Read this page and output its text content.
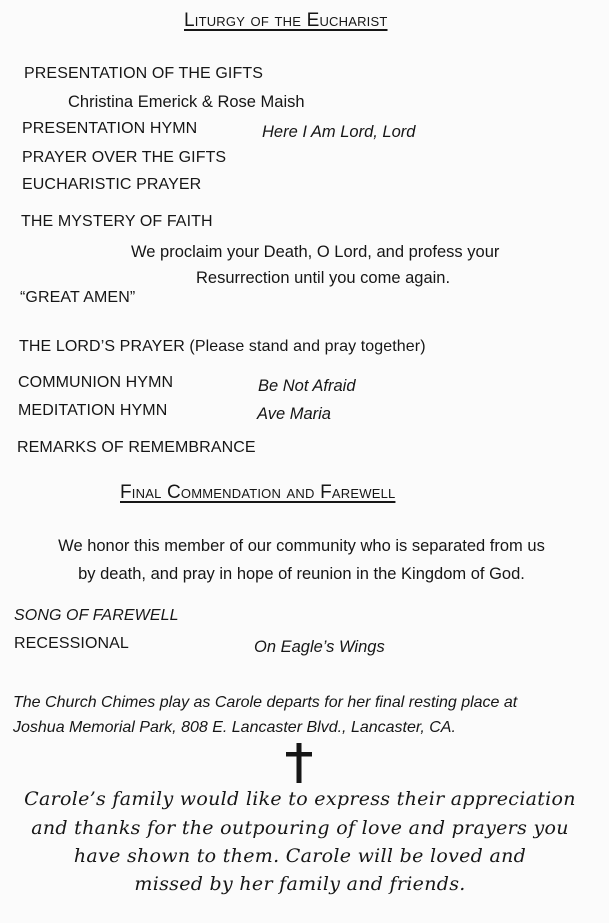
Liturgy of the Eucharist
PRESENTATION OF THE GIFTS
Christina Emerick & Rose Maish
PRESENTATION HYMN	Here I Am Lord, Lord
PRAYER OVER THE GIFTS
EUCHARISTIC PRAYER
THE MYSTERY OF FAITH
We proclaim your Death, O Lord, and profess your
Resurrection until you come again.
“GREAT AMEN”
THE LORD’S PRAYER (Please stand and pray together)
COMMUNION HYMN	Be Not Afraid
MEDITATION HYMN	Ave Maria
REMARKS OF REMEMBRANCE
Final Commendation and Farewell
We honor this member of our community who is separated from us
by death, and pray in hope of reunion in the Kingdom of God.
SONG OF FAREWELL
RECESSIONAL	On Eagle’s Wings
The Church Chimes play as Carole departs for her final resting place at
Joshua Memorial Park, 808 E. Lancaster Blvd., Lancaster, CA.
Carole’s family would like to express their appreciation
and thanks for the outpouring of love and prayers you
have shown to them. Carole will be loved and
missed by her family and friends.
